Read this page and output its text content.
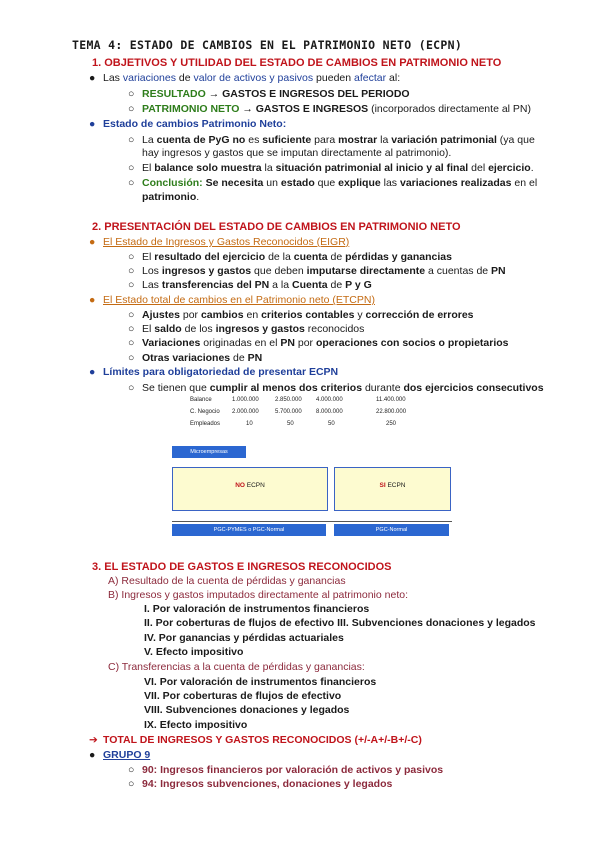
TEMA 4: ESTADO DE CAMBIOS EN EL PATRIMONIO NETO (ECPN)
1. OBJETIVOS Y UTILIDAD DEL ESTADO DE CAMBIOS EN PATRIMONIO NETO
● Las variaciones de valor de activos y pasivos pueden afectar al:
○ RESULTADO → GASTOS E INGRESOS DEL PERIODO
○ PATRIMONIO NETO → GASTOS E INGRESOS (incorporados directamente al PN)
● Estado de cambios Patrimonio Neto:
○ La cuenta de PyG no es suficiente para mostrar la variación patrimonial (ya que
hay ingresos y gastos que se imputan directamente al patrimonio).
○ El balance solo muestra la situación patrimonial al inicio y al final del ejercicio.
○ Conclusión: Se necesita un estado que explique las variaciones realizadas en el
patrimonio.
2. PRESENTACIÓN DEL ESTADO DE CAMBIOS EN PATRIMONIO NETO
● El Estado de Ingresos y Gastos Reconocidos (EIGR)
○ El resultado del ejercicio de la cuenta de pérdidas y ganancias
○ Los ingresos y gastos que deben imputarse directamente a cuentas de PN
○ Las transferencias del PN a la Cuenta de P y G
● El Estado total de cambios en el Patrimonio neto (ETCPN)
○ Ajustes por cambios en criterios contables y corrección de errores
○ El saldo de los ingresos y gastos reconocidos
○ Variaciones originadas en el PN por operaciones con socios o propietarios
○ Otras variaciones de PN
● Límites para obligatoriedad de presentar ECPN
○ Se tienen que cumplir al menos dos criterios durante dos ejercicios consecutivos
Balance	1.000.000	2.850.000 4.000.000	11.400.000
C. Negocio 2.000.000	5.700.000 8.000.000	22.800.000
Empleados	10	50	50	250
Microempresas
NO ECPN	SI ECPN
PGC-PYMES o PGC-Normal	PGC-Normal
3. EL ESTADO DE GASTOS E INGRESOS RECONOCIDOS
A) Resultado de la cuenta de pérdidas y ganancias
B) Ingresos y gastos imputados directamente al patrimonio neto:
I. Por valoración de instrumentos financieros
II. Por coberturas de flujos de efectivo III. Subvenciones donaciones y legados
IV. Por ganancias y pérdidas actuariales
V. Efecto impositivo
C) Transferencias a la cuenta de pérdidas y ganancias:
VI. Por valoración de instrumentos financieros
VII. Por coberturas de flujos de efectivo
VIII. Subvenciones donaciones y legados
IX. Efecto impositivo
➔ TOTAL DE INGRESOS Y GASTOS RECONOCIDOS (+/-A+/-B+/-C)
● GRUPO 9
○ 90: Ingresos financieros por valoración de activos y pasivos
○ 94: Ingresos subvenciones, donaciones y legados
